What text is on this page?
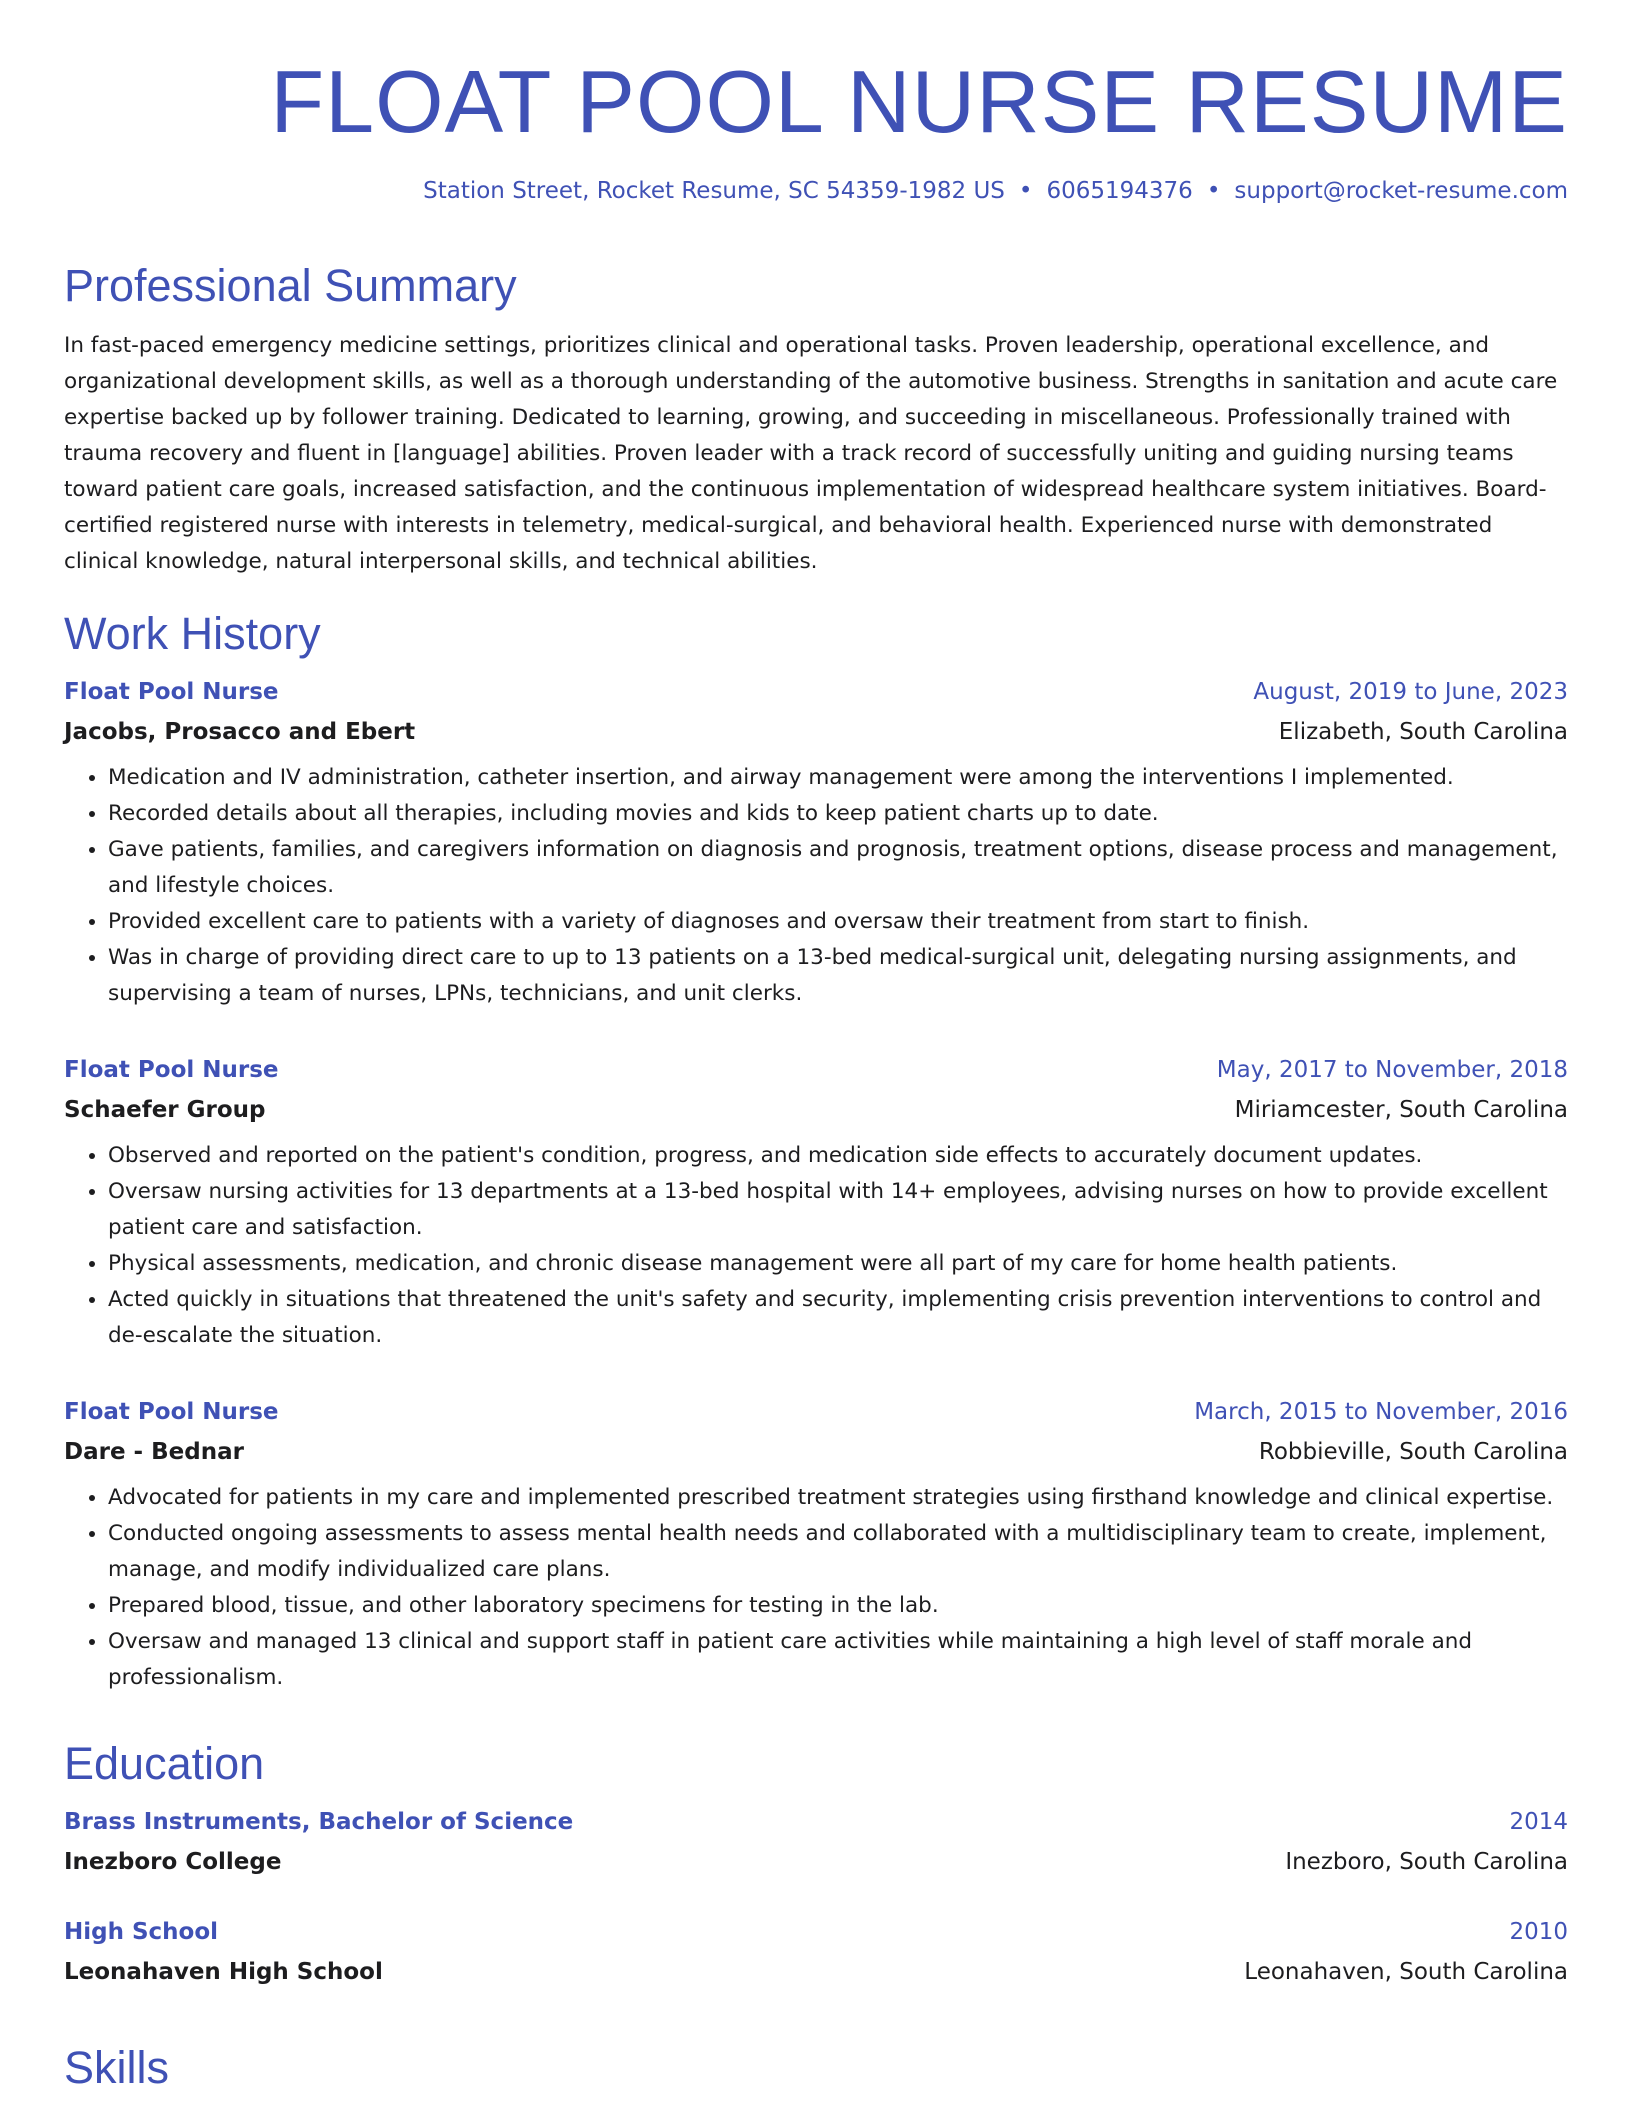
FLOAT POOL NURSE RESUME
Station Street, Rocket Resume, SC 54359-1982 US • 6065194376 • support@rocket-resume.com
Professional Summary

In fast-paced emergency medicine settings, prioritizes clinical and operational tasks. Proven leadership, operational excellence, and organizational development skills, as well as a thorough understanding of the automotive business. Strengths in sanitation and acute care expertise backed up by follower training. Dedicated to learning, growing, and succeeding in miscellaneous. Professionally trained with trauma recovery and fluent in [language] abilities. Proven leader with a track record of successfully uniting and guiding nursing teams toward patient care goals, increased satisfaction, and the continuous implementation of widespread healthcare system initiatives. Board-certified registered nurse with interests in telemetry, medical-surgical, and behavioral health. Experienced nurse with demonstrated clinical knowledge, natural interpersonal skills, and technical abilities.

Work History
Float Pool Nurse	August, 2019 to June, 2023
Jacobs, Prosacco and Ebert	Elizabeth, South Carolina
• Medication and IV administration, catheter insertion, and airway management were among the interventions I implemented.
• Recorded details about all therapies, including movies and kids to keep patient charts up to date.
• Gave patients, families, and caregivers information on diagnosis and prognosis, treatment options, disease process and management, and lifestyle choices.
• Provided excellent care to patients with a variety of diagnoses and oversaw their treatment from start to finish.
• Was in charge of providing direct care to up to 13 patients on a 13-bed medical-surgical unit, delegating nursing assignments, and supervising a team of nurses, LPNs, technicians, and unit clerks.
Float Pool Nurse	May, 2017 to November, 2018
Schaefer Group	Miriamcester, South Carolina
• Observed and reported on the patient's condition, progress, and medication side effects to accurately document updates.
• Oversaw nursing activities for 13 departments at a 13-bed hospital with 14+ employees, advising nurses on how to provide excellent patient care and satisfaction.
• Physical assessments, medication, and chronic disease management were all part of my care for home health patients.
• Acted quickly in situations that threatened the unit's safety and security, implementing crisis prevention interventions to control and de-escalate the situation.
Float Pool Nurse	March, 2015 to November, 2016
Dare - Bednar	Robbieville, South Carolina
• Advocated for patients in my care and implemented prescribed treatment strategies using firsthand knowledge and clinical expertise.
• Conducted ongoing assessments to assess mental health needs and collaborated with a multidisciplinary team to create, implement, manage, and modify individualized care plans.
• Prepared blood, tissue, and other laboratory specimens for testing in the lab.
• Oversaw and managed 13 clinical and support staff in patient care activities while maintaining a high level of staff morale and professionalism.
Education
Brass Instruments, Bachelor of Science	2014
Inezboro College	Inezboro, South Carolina
High School	2010
Leonahaven High School	Leonahaven, South Carolina
Skills
